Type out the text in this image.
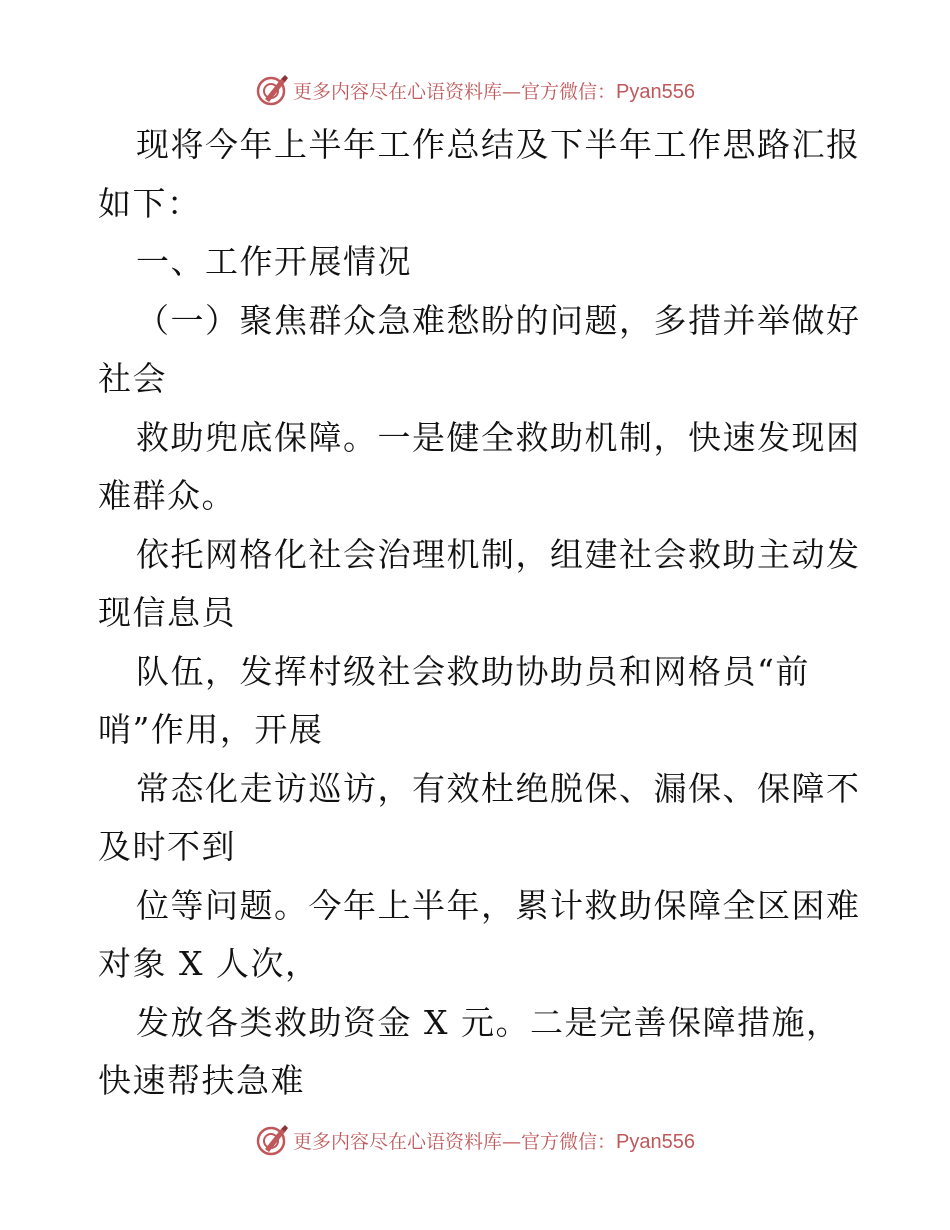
更多内容尽在心语资料库—官方微信：Pyan556
现将今年上半年工作总结及下半年工作思路汇报
如下：
一、工作开展情况
（一）聚焦群众急难愁盼的问题，多措并举做好
社会
救助兜底保障。一是健全救助机制，快速发现困
难群众。
依托网格化社会治理机制，组建社会救助主动发
现信息员
队伍，发挥村级社会救助协助员和网格员“前
哨”作用，开展
常态化走访巡访，有效杜绝脱保、漏保、保障不
及时不到
位等问题。今年上半年，累计救助保障全区困难
对象 X 人次，
发放各类救助资金 X 元。二是完善保障措施，
快速帮扶急难
更多内容尽在心语资料库—官方微信：Pyan556
